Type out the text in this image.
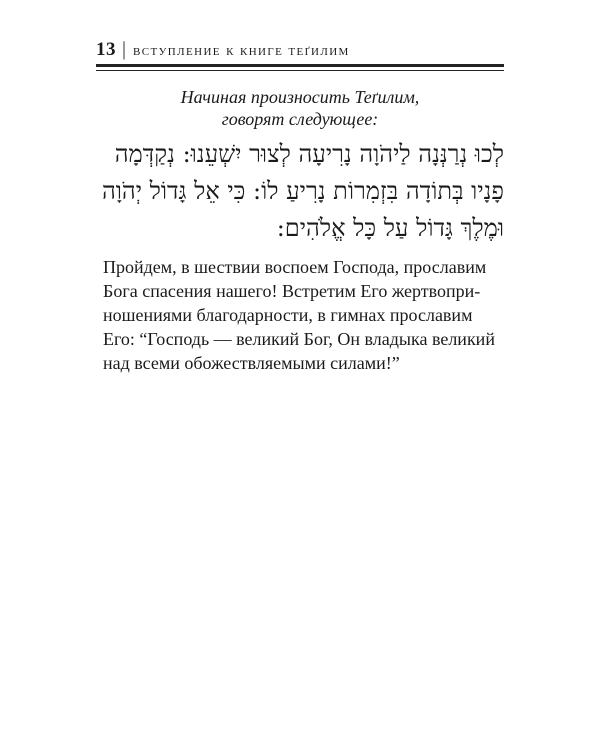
13 | вступление к книге теґилим
Начиная произносить Теґилим,
говорят следующее:
לְכוּ נְרַנְּנָה לַיהֹוָה נָרִיעָה לְצוּר יִשְׁעֵנוּ: נְקַדְּמָה
פָנָיו בְּתוֹדָה בִּזְמִרוֹת נָרִיעַ לוֹ: כִּי אֵל גָּדוֹל יְהֹוָה
וּמֶלֶךְ גָּדוֹל עַל כָּל אֱלֹהִים:
Пройдем, в шествии воспоем Господа, прославим
Бога спасения нашего! Встретим Его жертвопри-
ношениями благодарности, в гимнах прославим
Его: “Господь — великий Бог, Он владыка великий
над всеми обожествляемыми силами!”
